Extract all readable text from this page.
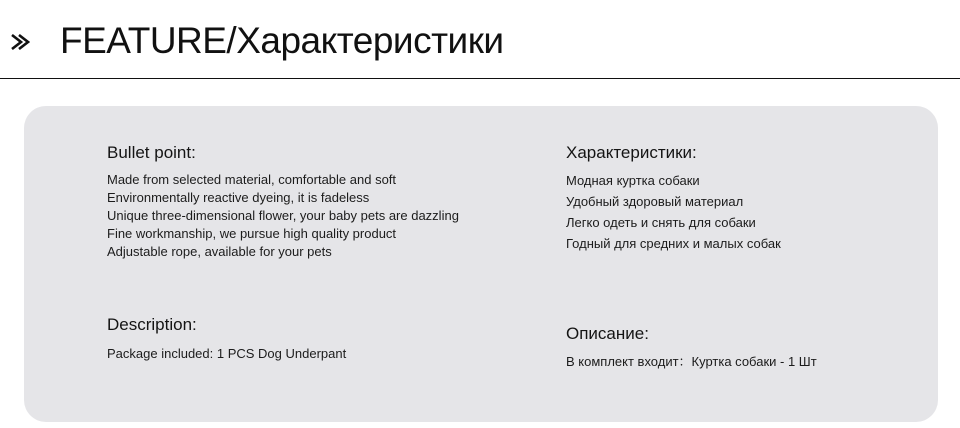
FEATURE/Характеристики
Bullet point:
Made from selected material, comfortable and soft
Environmentally reactive dyeing, it is fadeless
Unique three-dimensional flower, your baby pets are dazzling
Fine workmanship, we pursue high quality product
Adjustable rope, available for your pets
Description:
Package included: 1 PCS Dog Underpant
Характеристики:
Модная куртка собаки
Удобный здоровый материал
Легко одеть и снять для собаки
Годный для средних и малых собак
Описание:
В комплект входит：Куртка собаки - 1 Шт
